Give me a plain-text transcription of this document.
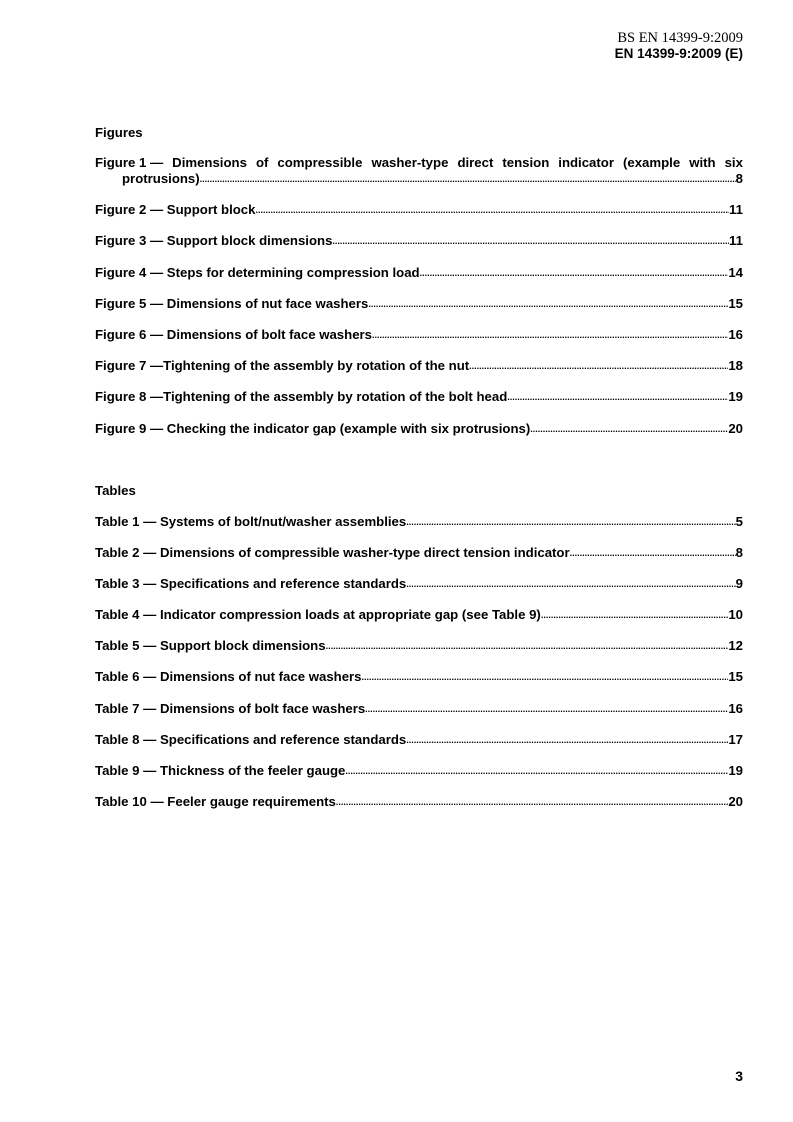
BS EN 14399-9:2009
EN 14399-9:2009 (E)

Figures

Figure 1 — Dimensions of compressible washer-type direct tension indicator (example with six
protrusions) .....	8
Figure 2 — Support block .....	11
Figure 3 — Support block dimensions .....	11
Figure 4 — Steps for determining compression load .....	14
Figure 5 — Dimensions of nut face washers .....	15
Figure 6 — Dimensions of bolt face washers .....	16
Figure 7 —Tightening of the assembly by rotation of the nut .....	18
Figure 8 —Tightening of the assembly by rotation of the bolt head .....	19
Figure 9 — Checking the indicator gap (example with six protrusions) .....	20

Tables

Table 1 — Systems of bolt/nut/washer assemblies .....	5
Table 2 — Dimensions of compressible washer-type direct tension indicator .....	8
Table 3 — Specifications and reference standards .....	9
Table 4 — Indicator compression loads at appropriate gap (see Table 9) .....	10
Table 5 — Support block dimensions .....	12
Table 6 — Dimensions of nut face washers .....	15
Table 7 — Dimensions of bolt face washers .....	16
Table 8 — Specifications and reference standards .....	17
Table 9 — Thickness of the feeler gauge .....	19
Table 10 — Feeler gauge requirements .....	20
3
